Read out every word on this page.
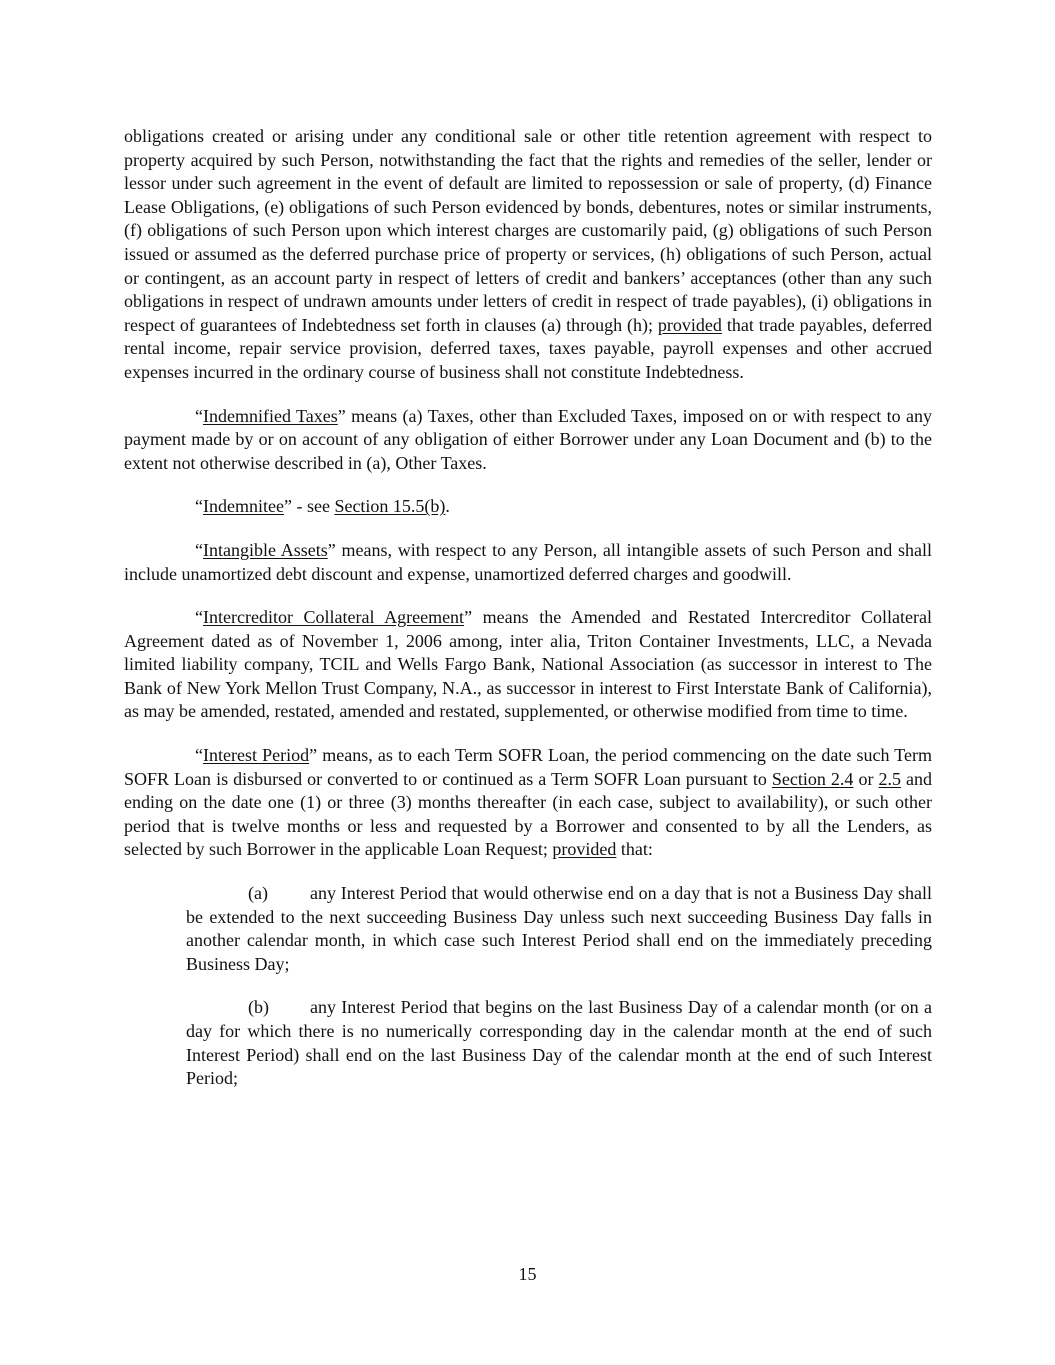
obligations created or arising under any conditional sale or other title retention agreement with respect to property acquired by such Person, notwithstanding the fact that the rights and remedies of the seller, lender or lessor under such agreement in the event of default are limited to repossession or sale of property, (d) Finance Lease Obligations, (e) obligations of such Person evidenced by bonds, debentures, notes or similar instruments, (f) obligations of such Person upon which interest charges are customarily paid, (g) obligations of such Person issued or assumed as the deferred purchase price of property or services, (h) obligations of such Person, actual or contingent, as an account party in respect of letters of credit and bankers’ acceptances (other than any such obligations in respect of undrawn amounts under letters of credit in respect of trade payables), (i) obligations in respect of guarantees of Indebtedness set forth in clauses (a) through (h); provided that trade payables, deferred rental income, repair service provision, deferred taxes, taxes payable, payroll expenses and other accrued expenses incurred in the ordinary course of business shall not constitute Indebtedness.

“Indemnified Taxes” means (a) Taxes, other than Excluded Taxes, imposed on or with respect to any payment made by or on account of any obligation of either Borrower under any Loan Document and (b) to the extent not otherwise described in (a), Other Taxes.

“Indemnitee” - see Section 15.5(b).

“Intangible Assets” means, with respect to any Person, all intangible assets of such Person and shall include unamortized debt discount and expense, unamortized deferred charges and goodwill.

“Intercreditor Collateral Agreement” means the Amended and Restated Intercreditor Collateral Agreement dated as of November 1, 2006 among, inter alia, Triton Container Investments, LLC, a Nevada limited liability company, TCIL and Wells Fargo Bank, National Association (as successor in interest to The Bank of New York Mellon Trust Company, N.A., as successor in interest to First Interstate Bank of California), as may be amended, restated, amended and restated, supplemented, or otherwise modified from time to time.

“Interest Period” means, as to each Term SOFR Loan, the period commencing on the date such Term SOFR Loan is disbursed or converted to or continued as a Term SOFR Loan pursuant to Section 2.4 or 2.5 and ending on the date one (1) or three (3) months thereafter (in each case, subject to availability), or such other period that is twelve months or less and requested by a Borrower and consented to by all the Lenders, as selected by such Borrower in the applicable Loan Request; provided that:

(a) any Interest Period that would otherwise end on a day that is not a Business Day shall be extended to the next succeeding Business Day unless such next succeeding Business Day falls in another calendar month, in which case such Interest Period shall end on the immediately preceding Business Day;

(b) any Interest Period that begins on the last Business Day of a calendar month (or on a day for which there is no numerically corresponding day in the calendar month at the end of such Interest Period) shall end on the last Business Day of the calendar month at the end of such Interest Period;

15
